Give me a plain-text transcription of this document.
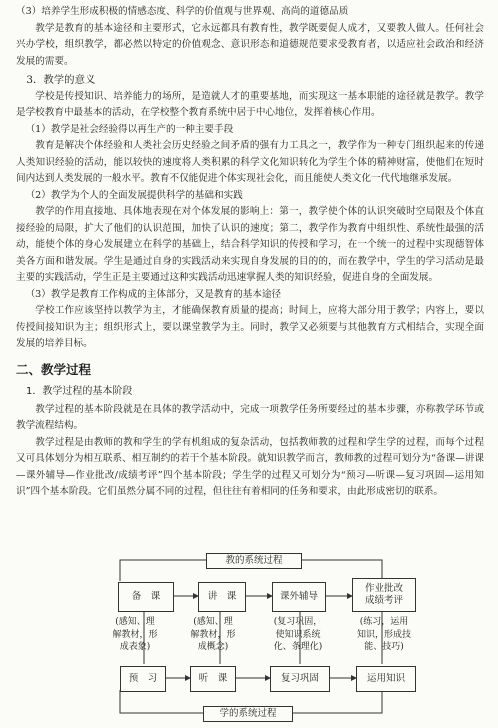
（3）培养学生形成积极的情感态度、科学的价值观与世界观、高尚的道德品质

教学是教育的基本途径和主要形式，它永远都具有教育性，教学既要促人成才，又要教人做人。任何社会兴办学校，组织教学，都必然以特定的价值观念、意识形态和道德规范要求受教育者，以适应社会政治和经济发展的需要。

3．教学的意义

学校是传授知识、培养能力的场所，是造就人才的重要基地，而实现这一基本职能的途径就是教学。教学是学校教育中最基本的活动，在学校整个教育系统中居于中心地位，发挥着核心作用。

（1）教学是社会经验得以再生产的一种主要手段

教育是解决个体经验和人类社会历史经验之间矛盾的强有力工具之一，教学作为一种专门组织起来的传递人类知识经验的活动，能以较快的速度将人类积累的科学文化知识转化为学生个体的精神财富，使他们在短时间内达到人类发展的一般水平。教育不仅能促进个体实现社会化，而且能使人类文化一代代地继承发展。

（2）教学为个人的全面发展提供科学的基础和实践

教学的作用直接地、具体地表现在对个体发展的影响上：第一，教学使个体的认识突破时空局限及个体直接经验的局限，扩大了他们的认识范围，加快了认识的速度；第二，教学作为教育中组织性、系统性最强的活动，能使个体的身心发展建立在科学的基础上，结合科学知识的传授和学习，在一个统一的过程中实现德智体美各方面和谐发展。学生是通过自身的实践活动来实现自身发展的目的的，而在教学中，学生的学习活动是最主要的实践活动，学生正是主要通过这种实践活动迅速掌握人类的知识经验，促进自身的全面发展。

（3）教学是教育工作构成的主体部分，又是教育的基本途径

学校工作应该坚持以教学为主，才能确保教育质量的提高；时间上，应将大部分用于教学；内容上，要以传授间接知识为主；组织形式上，要以课堂教学为主。同时，教学又必须要与其他教育方式相结合，实现全面发展的培养目标。

二、教学过程

1．教学过程的基本阶段

教学过程的基本阶段就是在具体的教学活动中，完成一项教学任务所要经过的基本步骤，亦称教学环节或教学流程结构。

教学过程是由教师的教和学生的学有机组成的复杂活动，包括教师教的过程和学生学的过程，而每个过程又可具体划分为相互联系、相互制约的若干个基本阶段。就知识教学而言，教师教的过程可划分为“备课—讲课—课外辅导—作业批改/成绩考评”四个基本阶段；学生学的过程又可划分为“预习—听课—复习巩固—运用知识”四个基本阶段。它们虽然分属不同的过程，但往往有着相同的任务和要求，由此形成密切的联系。

教的系统过程
学的系统过程
备　课	讲　课	课外辅导
作业批改
成绩考评
(感知、理
解教材，形
成表象)
(感知、理
解教材，形
成概念)
(复习巩固，
使知识系统
化、条理化)
(练习，运用
知识，形成技
能、技巧)
预　习	听　课	复习巩固	运用知识
